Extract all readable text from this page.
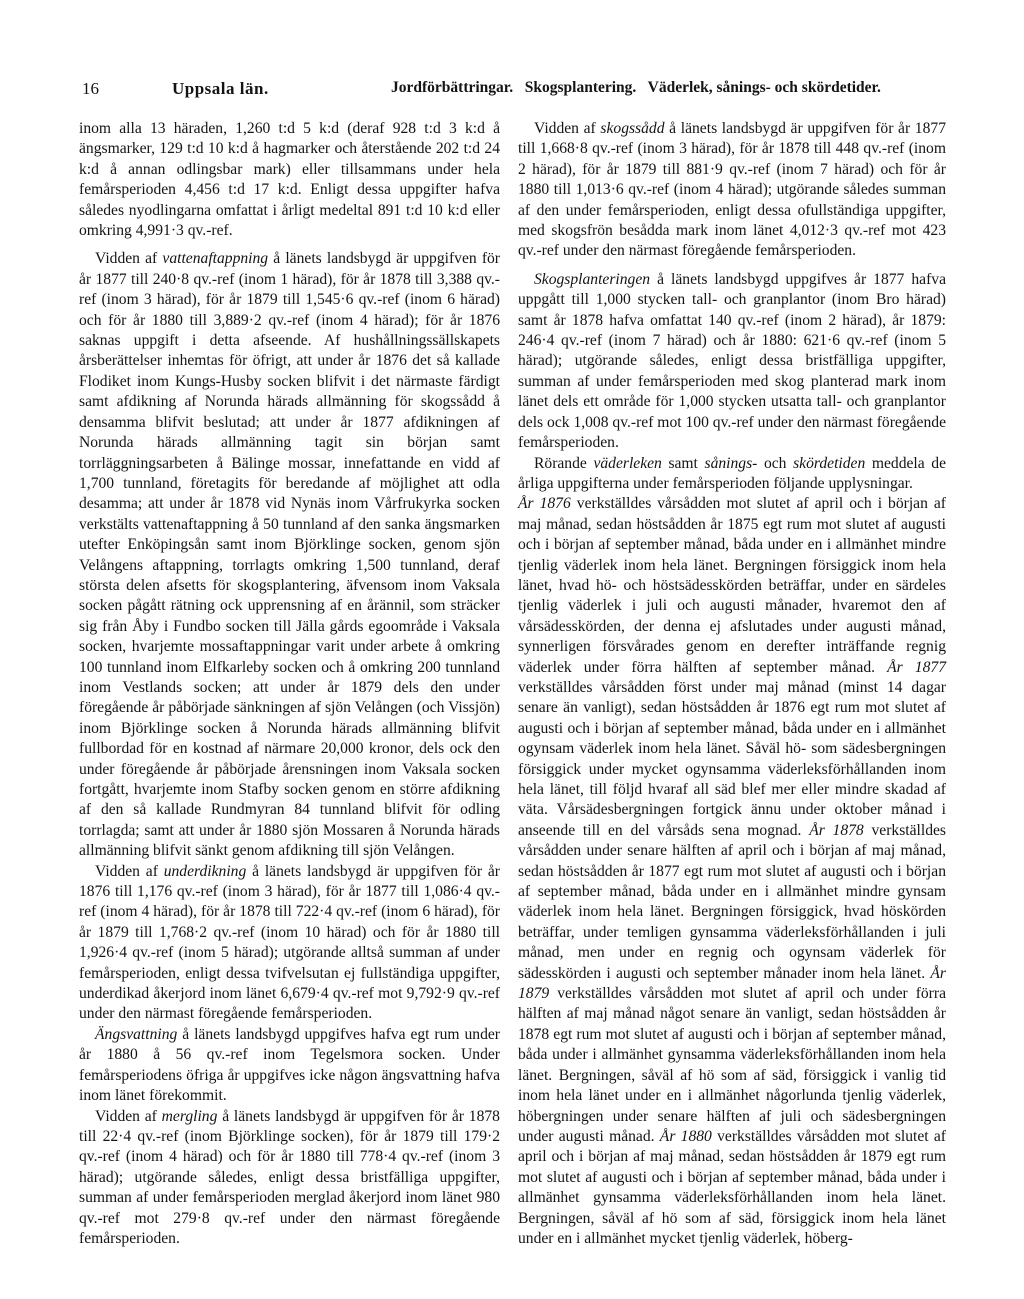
16	Uppsala län.	Jordförbättringar.   Skogsplantering.   Väderlek, sånings- och skördetider.

inom alla 13 häraden, 1,260 t:d 5 k:d (deraf 928 t:d 3 k:d å ängsmarker, 129 t:d 10 k:d å hagmarker och återstående 202 t:d 24 k:d å annan odlingsbar mark) eller tillsammans under hela femårsperioden 4,456 t:d 17 k:d. Enligt dessa uppgifter hafva således nyodlingarna omfattat i årligt medeltal 891 t:d 10 k:d eller omkring 4,991·3 qv.-ref.

Vidden af vattenaftappning å länets landsbygd är uppgifven för år 1877 till 240·8 qv.-ref (inom 1 härad), för år 1878 till 3,388 qv.-ref (inom 3 härad), för år 1879 till 1,545·6 qv.-ref (inom 6 härad) och för år 1880 till 3,889·2 qv.-ref (inom 4 härad); för år 1876 saknas uppgift i detta afseende. Af hushållningssällskapets årsberättelser inhemtas för öfrigt, att under år 1876 det så kallade Flodiket inom Kungs-Husby socken blifvit i det närmaste färdigt samt afdikning af Norunda härads allmänning för skogssådd å densamma blifvit beslutad; att under år 1877 afdikningen af Norunda härads allmänning tagit sin början samt torrläggningsarbeten å Bälinge mossar, innefattande en vidd af 1,700 tunnland, företagits för beredande af möjlighet att odla desamma; att under år 1878 vid Nynäs inom Vårfrukyrka socken verkstälts vattenaftappning å 50 tunnland af den sanka ängsmarken utefter Enköpingsån samt inom Björklinge socken, genom sjön Velångens aftappning, torrlagts omkring 1,500 tunnland, deraf största delen afsetts för skogsplantering, äfvensom inom Vaksala socken pågått rätning ock upprensning af en årännil, som sträcker sig från Åby i Fundbo socken till Jälla gårds egoområde i Vaksala socken, hvarjemte mossaftappningar varit under arbete å omkring 100 tunnland inom Elfkarleby socken och å omkring 200 tunnland inom Vestlands socken; att under år 1879 dels den under föregående år påbörjade sänkningen af sjön Velången (och Vissjön) inom Björklinge socken å Norunda härads allmänning blifvit fullbordad för en kostnad af närmare 20,000 kronor, dels ock den under föregående år påbörjade årensningen inom Vaksala socken fortgått, hvarjemte inom Stafby socken genom en större afdikning af den så kallade Rundmyran 84 tunnland blifvit för odling torrlagda; samt att under år 1880 sjön Mossaren å Norunda härads allmänning blifvit sänkt genom afdikning till sjön Velången.

Vidden af underdikning å länets landsbygd är uppgifven för år 1876 till 1,176 qv.-ref (inom 3 härad), för år 1877 till 1,086·4 qv.-ref (inom 4 härad), för år 1878 till 722·4 qv.-ref (inom 6 härad), för år 1879 till 1,768·2 qv.-ref (inom 10 härad) och för år 1880 till 1,926·4 qv.-ref (inom 5 härad); utgörande alltså summan af under femårsperioden, enligt dessa tvifvelsutan ej fullständiga uppgifter, underdikad åkerjord inom länet 6,679·4 qv.-ref mot 9,792·9 qv.-ref under den närmast föregående femårsperioden.

Ängsvattning å länets landsbygd uppgifves hafva egt rum under år 1880 å 56 qv.-ref inom Tegelsmora socken. Under femårsperiodens öfriga år uppgifves icke någon ängsvattning hafva inom länet förekommit.

Vidden af mergling å länets landsbygd är uppgifven för år 1878 till 22·4 qv.-ref (inom Björklinge socken), för år 1879 till 179·2 qv.-ref (inom 4 härad) och för år 1880 till 778·4 qv.-ref (inom 3 härad); utgörande således, enligt dessa bristfälliga uppgifter, summan af under femårsperioden merglad åkerjord inom länet 980 qv.-ref mot 279·8 qv.-ref under den närmast föregående femårsperioden.

Vidden af skogssådd å länets landsbygd är uppgifven för år 1877 till 1,668·8 qv.-ref (inom 3 härad), för år 1878 till 448 qv.-ref (inom 2 härad), för år 1879 till 881·9 qv.-ref (inom 7 härad) och för år 1880 till 1,013·6 qv.-ref (inom 4 härad); utgörande således summan af den under femårsperioden, enligt dessa ofullständiga uppgifter, med skogsfrön besådda mark inom länet 4,012·3 qv.-ref mot 423 qv.-ref under den närmast föregående femårsperioden.

Skogsplanteringen å länets landsbygd uppgifves år 1877 hafva uppgått till 1,000 stycken tall- och granplantor (inom Bro härad) samt år 1878 hafva omfattat 140 qv.-ref (inom 2 härad), år 1879: 246·4 qv.-ref (inom 7 härad) och år 1880: 621·6 qv.-ref (inom 5 härad); utgörande således, enligt dessa bristfälliga uppgifter, summan af under femårsperioden med skog planterad mark inom länet dels ett område för 1,000 stycken utsatta tall- och granplantor dels ock 1,008 qv.-ref mot 100 qv.-ref under den närmast föregående femårsperioden.

Rörande väderleken samt sånings- och skördetiden meddela de årliga uppgifterna under femårsperioden följande upplysningar.

År 1876 verkställdes vårsådden mot slutet af april och i början af maj månad, sedan höstsådden år 1875 egt rum mot slutet af augusti och i början af september månad, båda under en i allmänhet mindre tjenlig väderlek inom hela länet. Bergningen försiggick inom hela länet, hvad hö- och höstsädesskörden beträffar, under en särdeles tjenlig väderlek i juli och augusti månader, hvaremot den af vårsädesskörden, der denna ej afslutades under augusti månad, synnerligen försvårades genom en derefter inträffande regnig väderlek under förra hälften af september månad. År 1877 verkställdes vårsådden först under maj månad (minst 14 dagar senare än vanligt), sedan höstsådden år 1876 egt rum mot slutet af augusti och i början af september månad, båda under en i allmänhet ogynsam väderlek inom hela länet. Såväl hö- som sädesbergningen försiggick under mycket ogynsamma väderleksförhållanden inom hela länet, till följd hvaraf all säd blef mer eller mindre skadad af väta. Vårsädesbergningen fortgick ännu under oktober månad i anseende till en del vårsåds sena mognad. År 1878 verkställdes vårsådden under senare hälften af april och i början af maj månad, sedan höstsådden år 1877 egt rum mot slutet af augusti och i början af september månad, båda under en i allmänhet mindre gynsam väderlek inom hela länet. Bergningen försiggick, hvad höskörden beträffar, under temligen gynsamma väderleksförhållanden i juli månad, men under en regnig och ogynsam väderlek för sädesskörden i augusti och september månader inom hela länet. År 1879 verkställdes vårsådden mot slutet af april och under förra hälften af maj månad något senare än vanligt, sedan höstsådden år 1878 egt rum mot slutet af augusti och i början af september månad, båda under i allmänhet gynsamma väderleksförhållanden inom hela länet. Bergningen, såväl af hö som af säd, försiggick i vanlig tid inom hela länet under en i allmänhet någorlunda tjenlig väderlek, höbergningen under senare hälften af juli och sädesbergningen under augusti månad. År 1880 verkställdes vårsådden mot slutet af april och i början af maj månad, sedan höstsådden år 1879 egt rum mot slutet af augusti och i början af september månad, båda under i allmänhet gynsamma väderleksförhållanden inom hela länet. Bergningen, såväl af hö som af säd, försiggick inom hela länet under en i allmänhet mycket tjenlig väderlek, höberg-
